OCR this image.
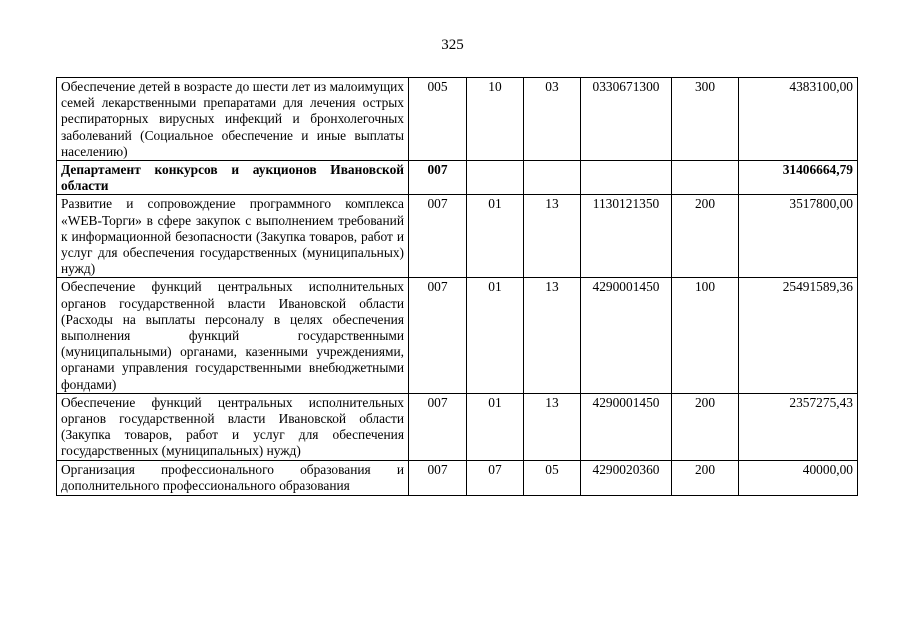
325
Обеспечение детей в возрасте до шести лет из малоимущих семей лекарственными препаратами для лечения острых респираторных вирусных инфекций и бронхолегочных заболеваний (Социальное обеспечение и иные выплаты населению)	005	10	03	0330671300	300	4383100,00
Департамент конкурсов и аукционов Ивановской области	007					31406664,79
Развитие и сопровождение программного комплекса «WEB-Торги» в сфере закупок с выполнением требований к информационной безопасности (Закупка товаров, работ и услуг для обеспечения государственных (муниципальных) нужд)	007	01	13	1130121350	200	3517800,00
Обеспечение функций центральных исполнительных органов государственной власти Ивановской области (Расходы на выплаты персоналу в целях обеспечения выполнения функций государственными (муниципальными) органами, казенными учреждениями, органами управления государственными внебюджетными фондами)	007	01	13	4290001450	100	25491589,36
Обеспечение функций центральных исполнительных органов государственной власти Ивановской области (Закупка товаров, работ и услуг для обеспечения государственных (муниципальных) нужд)	007	01	13	4290001450	200	2357275,43

Организация профессионального образования и дополнительного профессионального образования	007	07	05	4290020360	200	40000,00
